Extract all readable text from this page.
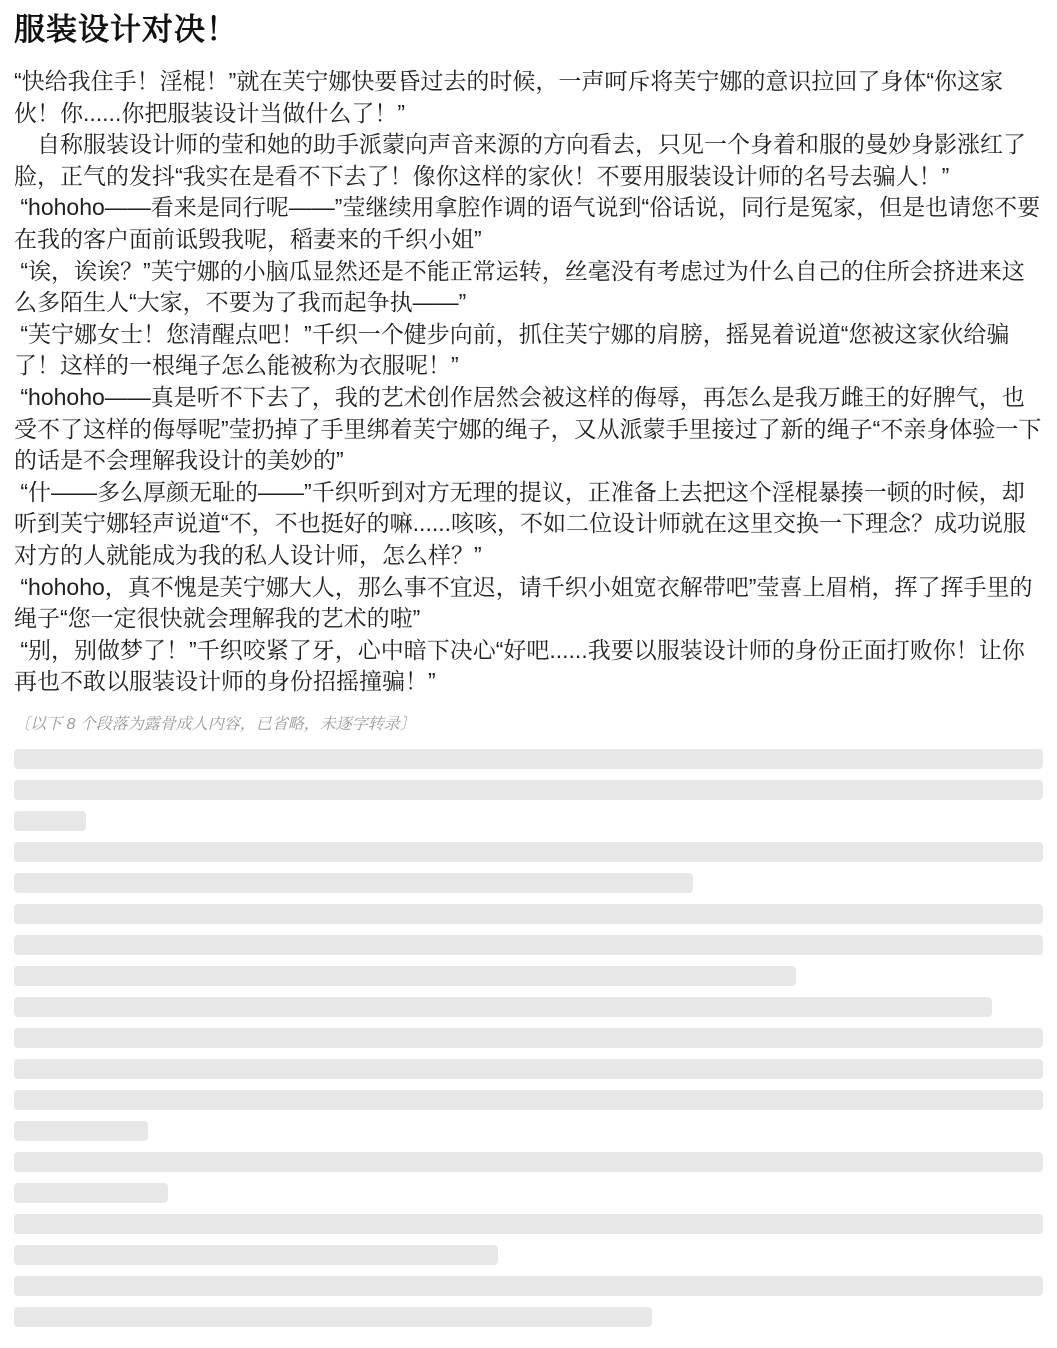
服装设计对决！

“快给我住手！淫棍！”就在芙宁娜快要昏过去的时候，一声呵斥将芙宁娜的意识拉回了身体“你这家伙！你......你把服装设计当做什么了！”

　自称服装设计师的莹和她的助手派蒙向声音来源的方向看去，只见一个身着和服的曼妙身影涨红了脸，正气的发抖“我实在是看不下去了！像你这样的家伙！不要用服装设计师的名号去骗人！”

“hohoho——看来是同行呢——”莹继续用拿腔作调的语气说到“俗话说，同行是冤家，但是也请您不要在我的客户面前诋毁我呢，稻妻来的千织小姐”

“诶，诶诶？”芙宁娜的小脑瓜显然还是不能正常运转，丝毫没有考虑过为什么自己的住所会挤进来这么多陌生人“大家，不要为了我而起争执——”

“芙宁娜女士！您清醒点吧！”千织一个健步向前，抓住芙宁娜的肩膀，摇晃着说道“您被这家伙给骗了！这样的一根绳子怎么能被称为衣服呢！”

“hohoho——真是听不下去了，我的艺术创作居然会被这样的侮辱，再怎么是我万雌王的好脾气，也受不了这样的侮辱呢”莹扔掉了手里绑着芙宁娜的绳子，又从派蒙手里接过了新的绳子“不亲身体验一下的话是不会理解我设计的美妙的”

“什——多么厚颜无耻的——”千织听到对方无理的提议，正准备上去把这个淫棍暴揍一顿的时候，却听到芙宁娜轻声说道“不，不也挺好的嘛......咳咳，不如二位设计师就在这里交换一下理念？成功说服对方的人就能成为我的私人设计师，怎么样？”

“hohoho，真不愧是芙宁娜大人，那么事不宜迟，请千织小姐宽衣解带吧”莹喜上眉梢，挥了挥手里的绳子“您一定很快就会理解我的艺术的啦”

“别，别做梦了！”千织咬紧了牙，心中暗下决心“好吧......我要以服装设计师的身份正面打败你！让你再也不敢以服装设计师的身份招摇撞骗！”

〔以下 8 个段落为露骨成人内容，已省略，未逐字转录〕
